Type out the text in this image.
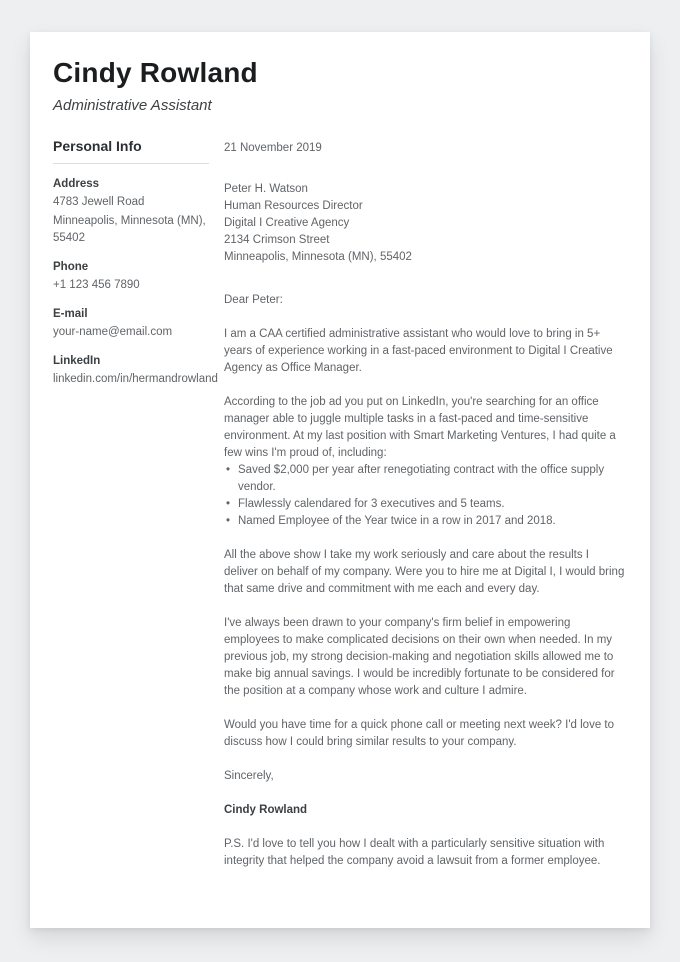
Cindy Rowland
Administrative Assistant
Personal Info
Address
4783 Jewell Road
Minneapolis, Minnesota (MN), 55402
Phone
+1 123 456 7890
E-mail
your-name@email.com
LinkedIn
linkedin.com/in/hermandrowland
21 November 2019
Peter H. Watson
Human Resources Director
Digital I Creative Agency
2134 Crimson Street
Minneapolis, Minnesota (MN), 55402
Dear Peter:
I am a CAA certified administrative assistant who would love to bring in 5+ years of experience working in a fast-paced environment to Digital I Creative Agency as Office Manager.
According to the job ad you put on LinkedIn, you're searching for an office manager able to juggle multiple tasks in a fast-paced and time-sensitive environment. At my last position with Smart Marketing Ventures, I had quite a few wins I'm proud of, including:
• Saved $2,000 per year after renegotiating contract with the office supply vendor.
• Flawlessly calendared for 3 executives and 5 teams.
• Named Employee of the Year twice in a row in 2017 and 2018.
All the above show I take my work seriously and care about the results I deliver on behalf of my company. Were you to hire me at Digital I, I would bring that same drive and commitment with me each and every day.
I've always been drawn to your company's firm belief in empowering employees to make complicated decisions on their own when needed. In my previous job, my strong decision-making and negotiation skills allowed me to make big annual savings. I would be incredibly fortunate to be considered for the position at a company whose work and culture I admire.
Would you have time for a quick phone call or meeting next week? I'd love to discuss how I could bring similar results to your company.
Sincerely,
Cindy Rowland
P.S. I'd love to tell you how I dealt with a particularly sensitive situation with integrity that helped the company avoid a lawsuit from a former employee.
